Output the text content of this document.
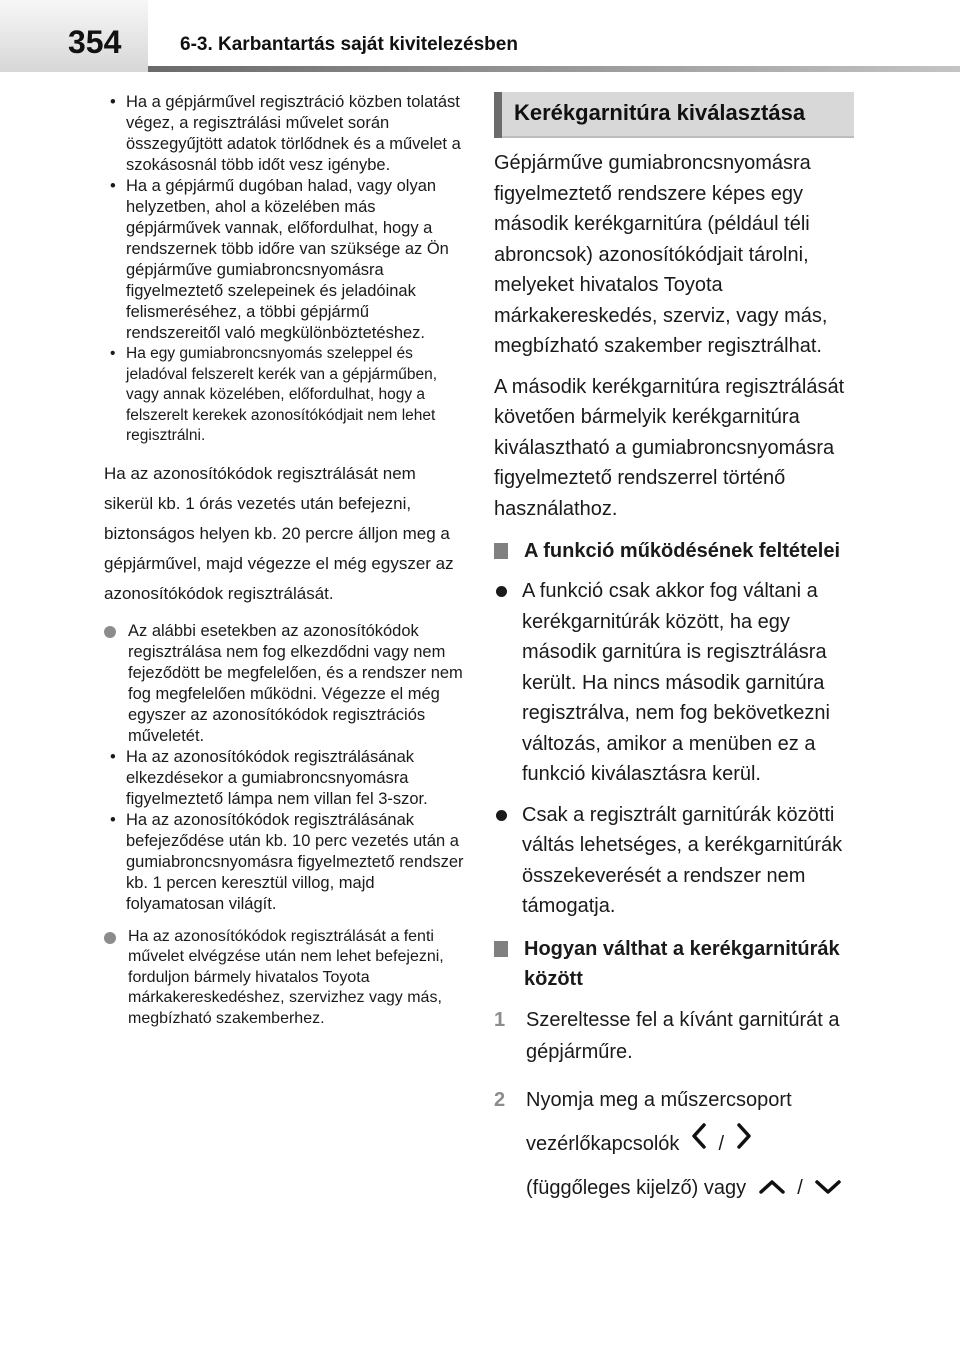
354	6-3. Karbantartás saját kivitelezésben
• Ha a gépjárművel regisztráció közben tolatást végez, a regisztrálási művelet során összegyűjtött adatok törlődnek és a művelet a szokásosnál több időt vesz igénybe.
• Ha a gépjármű dugóban halad, vagy olyan helyzetben, ahol a közelében más gépjárművek vannak, előfordulhat, hogy a rendszernek több időre van szüksége az Ön gépjárműve gumiabroncsnyomásra figyelmeztető szelepeinek és jeladóinak felismeréséhez, a többi gépjármű rendszereitől való megkülönböztetéshez.
• Ha egy gumiabroncsnyomás szeleppel és jeladóval felszerelt kerék van a gépjárműben, vagy annak közelében, előfordulhat, hogy a felszerelt kerekek azonosítókódjait nem lehet regisztrálni.
Ha az azonosítókódok regisztrálását nem sikerül kb. 1 órás vezetés után befejezni, biztonságos helyen kb. 20 percre álljon meg a gépjárművel, majd végezze el még egyszer az azonosítókódok regisztrálását.
Az alábbi esetekben az azonosítókódok regisztrálása nem fog elkezdődni vagy nem fejeződött be megfelelően, és a rendszer nem fog megfelelően működni. Végezze el még egyszer az azonosítókódok regisztrációs műveletét.
• Ha az azonosítókódok regisztrálásának elkezdésekor a gumiabroncsnyomásra figyelmeztető lámpa nem villan fel 3-szor.
• Ha az azonosítókódok regisztrálásának befejeződése után kb. 10 perc vezetés után a gumiabroncsnyomásra figyelmeztető rendszer kb. 1 percen keresztül villog, majd folyamatosan világít.
Ha az azonosítókódok regisztrálását a fenti művelet elvégzése után nem lehet befejezni, forduljon bármely hivatalos Toyota márkakereskedéshez, szervizhez vagy más, megbízható szakemberhez.
Kerékgarnitúra kiválasztása
Gépjárműve gumiabroncsnyomásra figyelmeztető rendszere képes egy második kerékgarnitúra (például téli abroncsok) azonosítókódjait tárolni, melyeket hivatalos Toyota márkakereskedés, szerviz, vagy más, megbízható szakember regisztrálhat.
A második kerékgarnitúra regisztrálását követően bármelyik kerékgarnitúra kiválasztható a gumiabroncsnyomásra figyelmeztető rendszerrel történő használathoz.
A funkció működésének feltételei
A funkció csak akkor fog váltani a kerékgarnitúrák között, ha egy második garnitúra is regisztrálásra került. Ha nincs második garnitúra regisztrálva, nem fog bekövetkezni változás, amikor a menüben ez a funkció kiválasztásra kerül.
Csak a regisztrált garnitúrák közötti váltás lehetséges, a kerékgarnitúrák összekeverését a rendszer nem támogatja.
Hogyan válthat a kerékgarnitúrák között
1 Szereltesse fel a kívánt garnitúrát a gépjárműre.
2 Nyomja meg a műszercsoport vezérlőkapcsolók /  (függőleges kijelző) vagy	/
